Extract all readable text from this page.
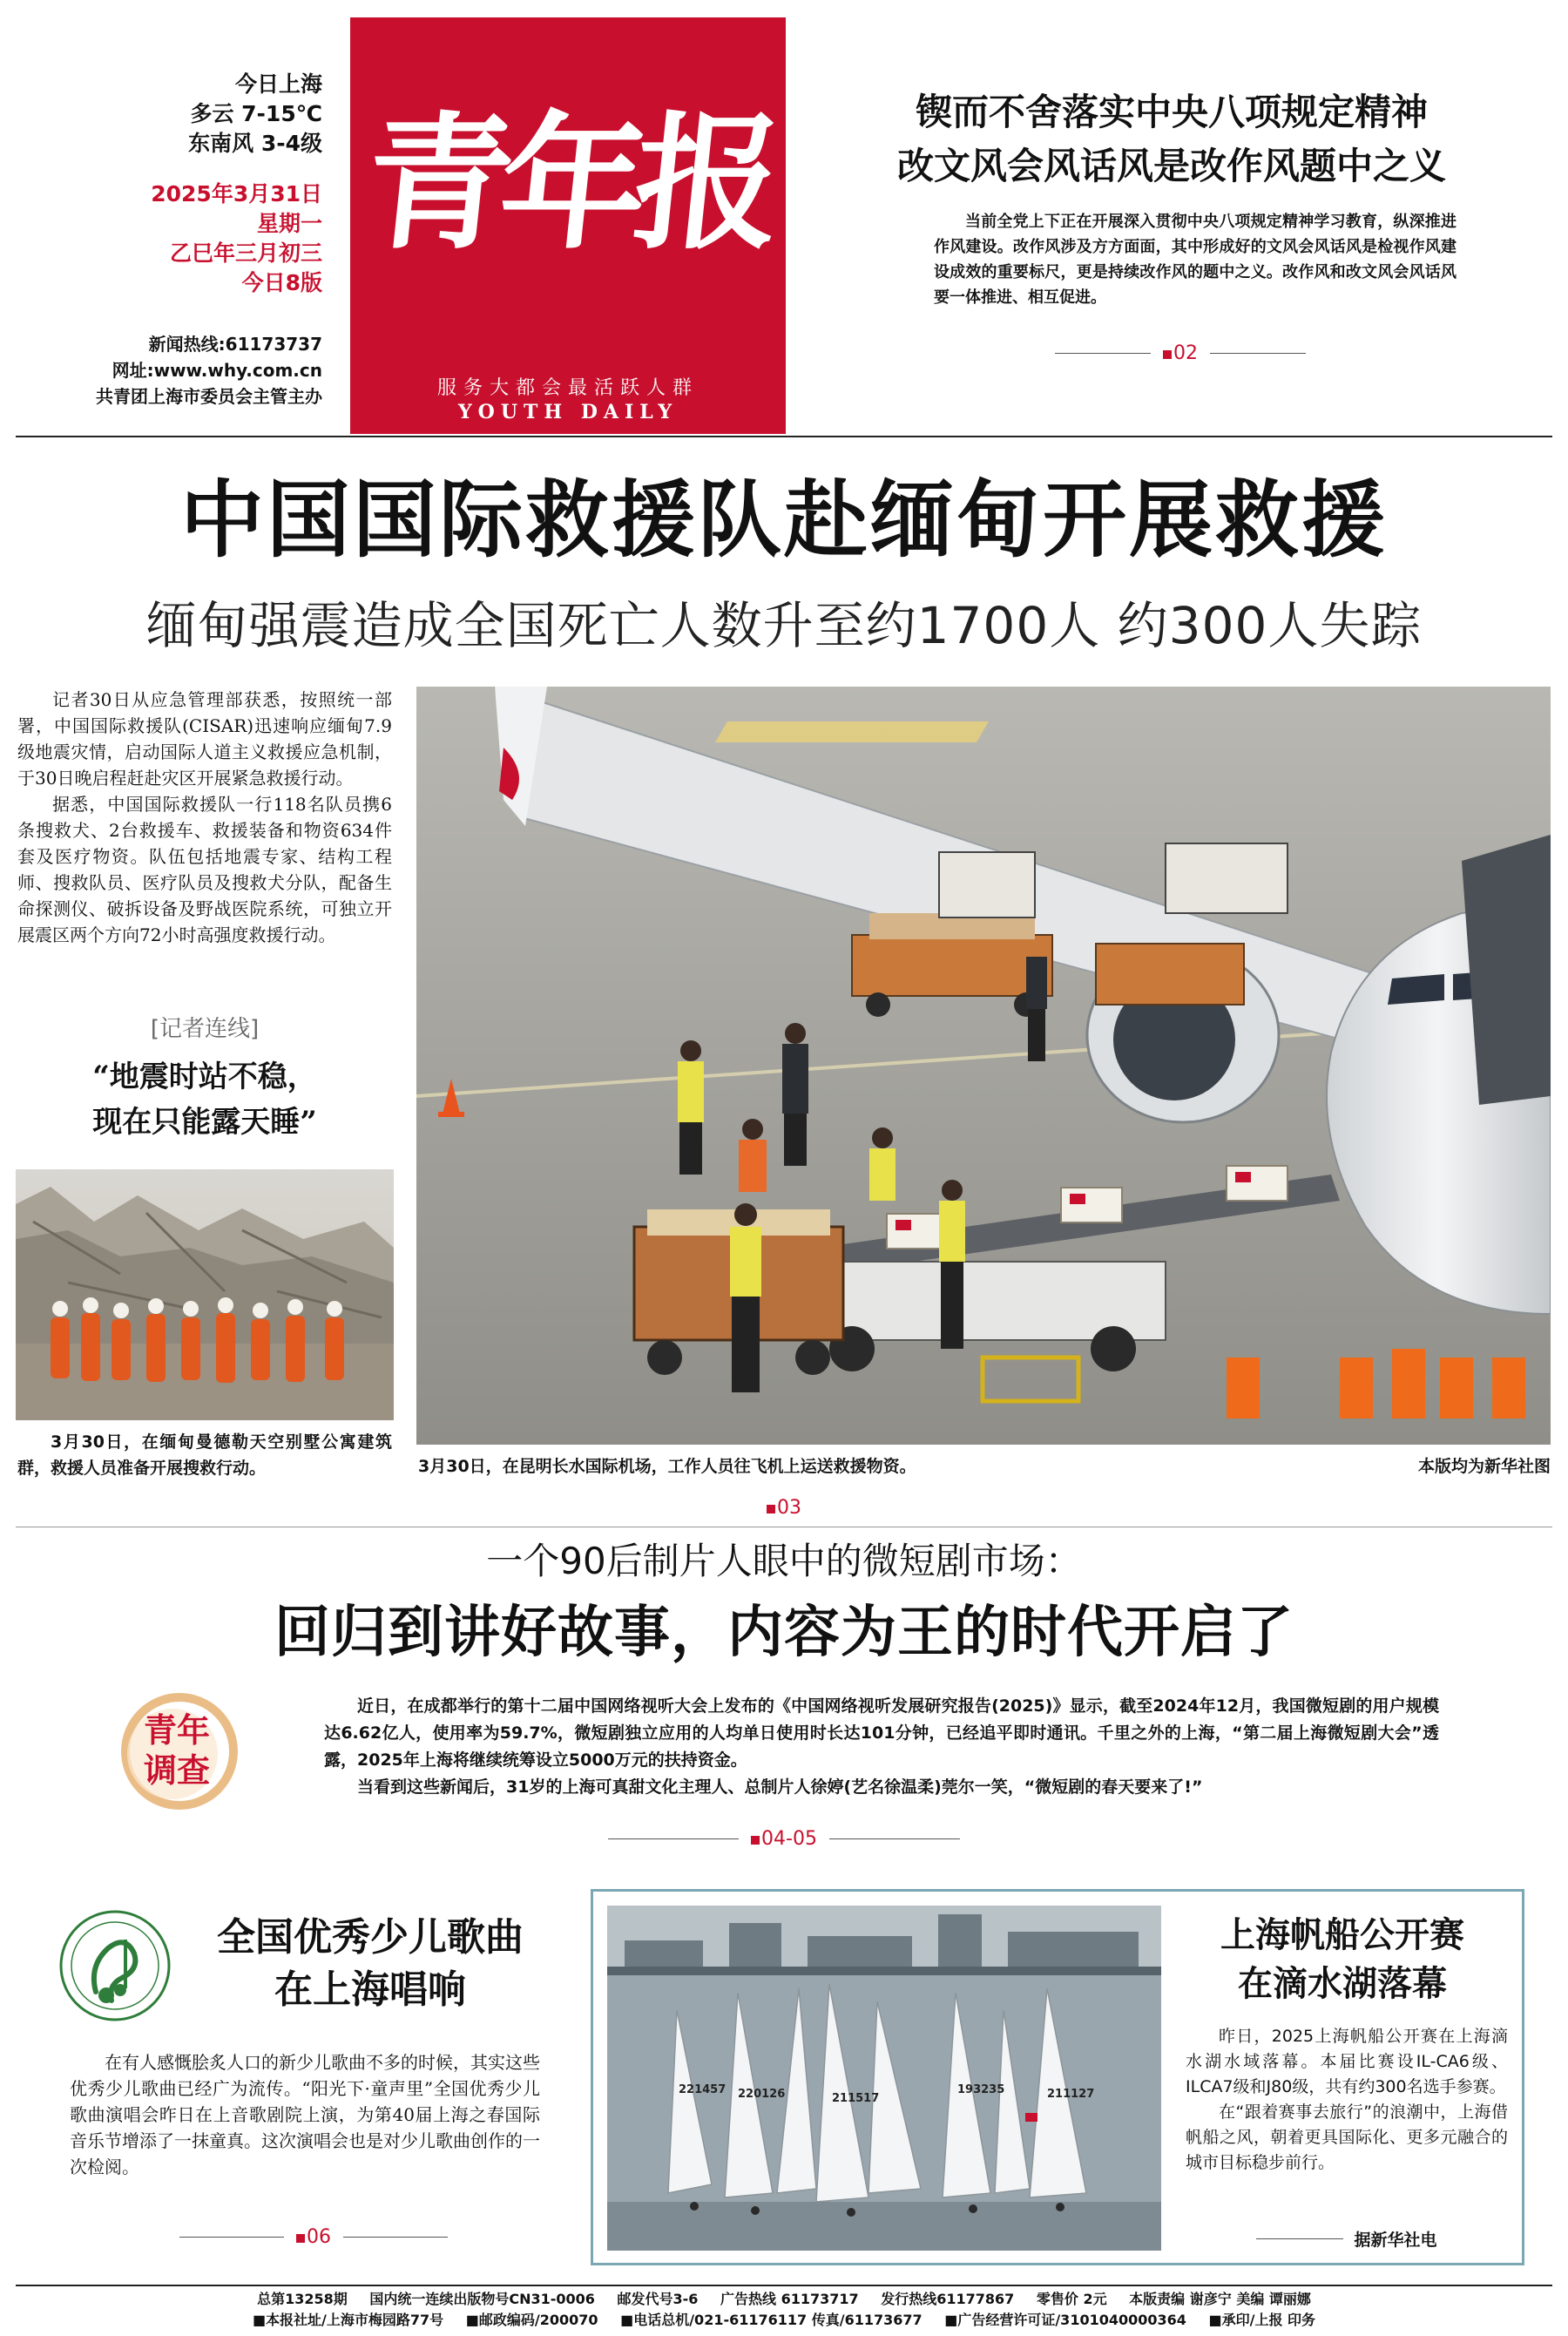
今日上海
多云 7-15℃
东南风 3-4级
2025年3月31日
星期一
乙巳年三月初三
今日8版
新闻热线:61173737
网址:www.why.com.cn
共青团上海市委员会主管主办
青年报
服务大都会最活跃人群
YOUTH DAILY
锲而不舍落实中央八项规定精神
改文风会风话风是改作风题中之义
当前全党上下正在开展深入贯彻中央八项规定精神学习教育，纵深推进作风建设。改作风涉及方方面面，其中形成好的文风会风话风是检视作风建设成效的重要标尺，更是持续改作风的题中之义。改作风和改文风会风话风要一体推进、相互促进。
02
中国国际救援队赴缅甸开展救援
缅甸强震造成全国死亡人数升至约1700人 约300人失踪

记者30日从应急管理部获悉，按照统一部署，中国国际救援队(CISAR)迅速响应缅甸7.9级地震灾情，启动国际人道主义救援应急机制，于30日晚启程赶赴灾区开展紧急救援行动。

据悉，中国国际救援队一行118名队员携6条搜救犬、2台救援车、救援装备和物资634件套及医疗物资。队伍包括地震专家、结构工程师、搜救队员、医疗队员及搜救犬分队，配备生命探测仪、破拆设备及野战医院系统，可独立开展震区两个方向72小时高强度救援行动。

[记者连线]
“地震时站不稳，
现在只能露天睡”
3月30日，在缅甸曼德勒天空别墅公寓建筑群，救援人员准备开展搜救行动。	3月30日，在昆明长水国际机场，工作人员往飞机上运送救援物资。	本版均为新华社图
03
一个90后制片人眼中的微短剧市场：
回归到讲好故事，内容为王的时代开启了
青年
调查

近日，在成都举行的第十二届中国网络视听大会上发布的《中国网络视听发展研究报告(2025)》显示，截至2024年12月，我国微短剧的用户规模达6.62亿人，使用率为59.7%，微短剧独立应用的人均单日使用时长达101分钟，已经追平即时通讯。千里之外的上海，“第二届上海微短剧大会”透露，2025年上海将继续统筹设立5000万元的扶持资金。

当看到这些新闻后，31岁的上海可真甜文化主理人、总制片人徐婷(艺名徐温柔)莞尔一笑，“微短剧的春天要来了!”

04-05
全国优秀少儿歌曲
在上海唱响
在有人感慨脍炙人口的新少儿歌曲不多的时候，其实这些优秀少儿歌曲已经广为流传。“阳光下·童声里”全国优秀少儿歌曲演唱会昨日在上音歌剧院上演，为第40届上海之春国际音乐节增添了一抹童真。这次演唱会也是对少儿歌曲创作的一次检阅。
06
221457 220126	211517
193235	211127
上海帆船公开赛
在滴水湖落幕

昨日，2025上海帆船公开赛在上海滴水湖水域落幕。本届比赛设IL-CA6级、ILCA7级和J80级，共有约300名选手参赛。

在“跟着赛事去旅行”的浪潮中，上海借帆船之风，朝着更具国际化、更多元融合的城市目标稳步前行。

据新华社电
总第13258期 国内统一连续出版物号CN31-0006 邮发代号3-6 广告热线 61173717 发行热线61177867 零售价 2元 本版责编 谢彦宁 美编 谭丽娜
■本报社址/上海市梅园路77号 ■邮政编码/200070 ■电话总机/021-61176117 传真/61173677 ■广告经营许可证/3101040000364 ■承印/上报 印务
